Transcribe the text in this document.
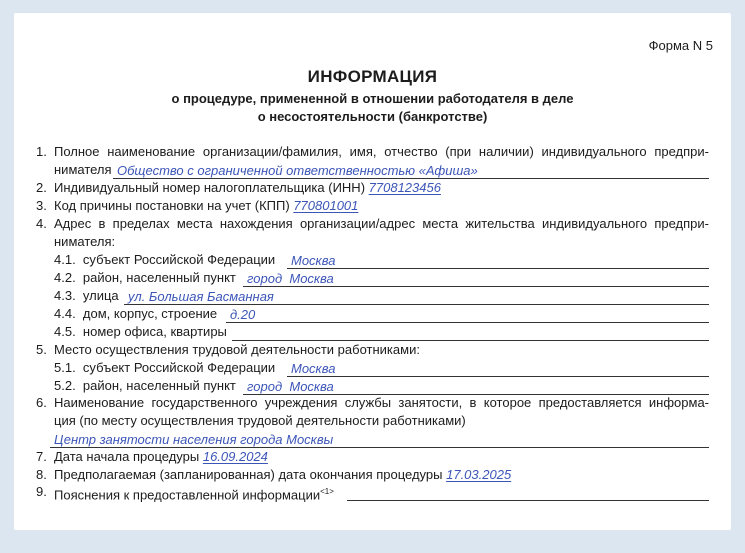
Форма N 5
ИНФОРМАЦИЯ
о процедуре, примененной в отношении работодателя в деле
о несостоятельности (банкротстве)
1. Полное наименование организации/фамилия, имя, отчество (при наличии) индивидуального предпри-
нимателя Общество с ограниченной ответственностью «Афиша»
2. Индивидуальный номер налогоплательщика (ИНН) 7708123456
3. Код причины постановки на учет (КПП) 770801001
4. Адрес в пределах места нахождения организации/адрес места жительства индивидуального предпри-
нимателя:
4.1. субъект Российской Федерации Москва
4.2. район, населенный пункт город  Москва
4.3. улица ул. Большая Басманная
4.4. дом, корпус, строение д.20
4.5. номер офиса, квартиры
5. Место осуществления трудовой деятельности работниками:
5.1. субъект Российской Федерации Москва
5.2. район, населенный пункт город  Москва
6. Наименование государственного учреждения службы занятости, в которое предоставляется информа-
ция (по месту осуществления трудовой деятельности работниками)
Центр занятости населения города Москвы
7. Дата начала процедуры 16.09.2024
8. Предполагаемая (запланированная) дата окончания процедуры 17.03.2025
9. Пояснения к предоставленной информации$^{<1>}$
